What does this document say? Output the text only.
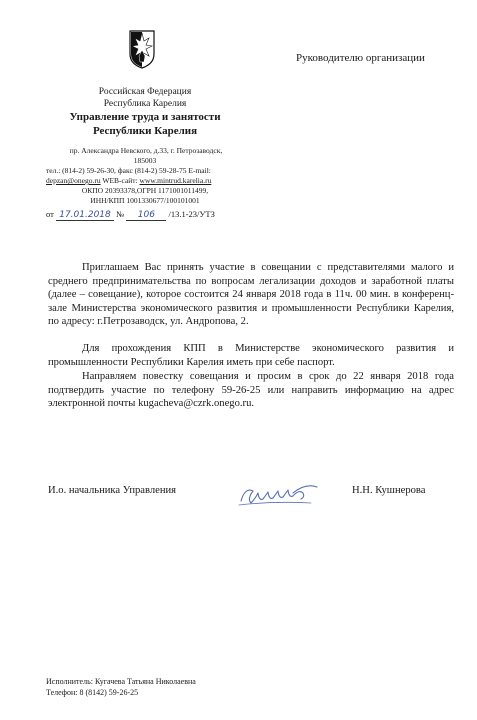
Российская Федерация
Республика Карелия
Управление труда и занятости
Республики Карелия
пр. Александра Невского, д.33, г. Петрозаводск,
185003
тел.: (814-2) 59-26-30, факс (814-2) 59-28-75 E-mail:
depzan@onego.ru WEB-сайт: www.mintrud.karelia.ru
ОКПО 20393378,ОГРН 1171001011499,
ИНН/КПП 1001330677/100101001
от 17.01.2018 № 106 /13.1-23/УТЗ
Руководителю организации

Приглашаем Вас принять участие в совещании с представителями малого и среднего предпринимательства по вопросам легализации доходов и заработной платы (далее – совещание), которое состоится 24 января 2018 года в 11ч. 00 мин. в конференц-зале Министерства экономического развития и промышленности Республики Карелия, по адресу: г.Петрозаводск, ул. Андропова, 2.

Для прохождения КПП в Министерстве экономического развития и промышленности Республики Карелия иметь при себе паспорт.

Направляем повестку совещания и просим в срок до 22 января 2018 года подтвердить участие по телефону 59-26-25 или направить информацию на адрес электронной почты kugacheva@czrk.onego.ru.

И.о. начальника Управления	Н.Н. Кушнерова
Исполнитель: Кугачева Татьяна Николаевна
Телефон: 8 (8142) 59-26-25
